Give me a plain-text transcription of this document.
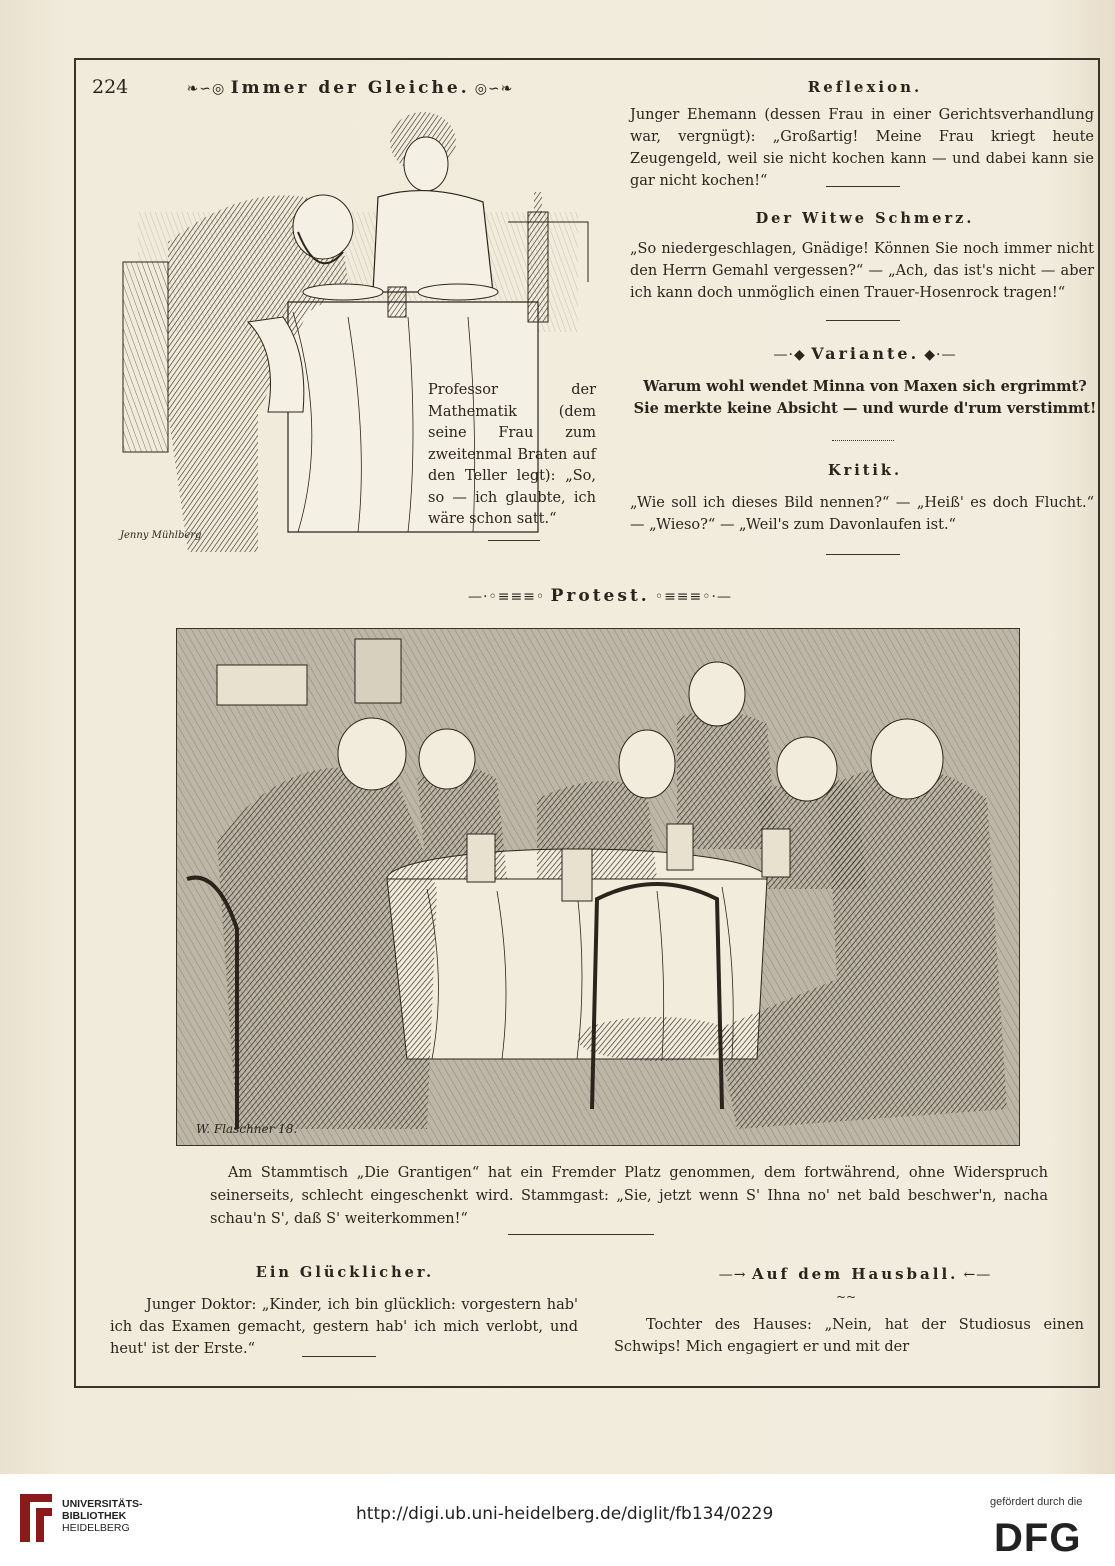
224	❧∽◎ Immer der Gleiche. ◎∽❧
Jenny Mühlberg
Professor der Mathematik (dem seine Frau zum zweitenmal Braten auf den Teller legt): „So, so — ich glaubte, ich wäre schon satt.“
Reflexion.
Junger Ehemann (dessen Frau in einer Gerichtsverhandlung war, vergnügt): „Großartig! Meine Frau kriegt heute Zeugengeld, weil sie nicht kochen kann — und dabei kann sie gar nicht kochen!“
Der Witwe Schmerz.
„So niedergeschlagen, Gnädige! Können Sie noch immer nicht den Herrn Gemahl vergessen?“ — „Ach, das ist's nicht — aber ich kann doch unmöglich einen Trauer-Hosenrock tragen!“
—·◆ Variante. ◆·—
Warum wohl wendet Minna von Maxen sich ergrimmt?
Sie merkte keine Absicht — und wurde d'rum verstimmt!
Kritik.
„Wie soll ich dieses Bild nennen?“ — „Heiß' es doch Flucht.“ — „Wieso?“ — „Weil's zum Davonlaufen ist.“
—·◦≡≡≡◦ Protest. ◦≡≡≡◦·—
W. Flaschner 18.
Am Stammtisch „Die Grantigen“ hat ein Fremder Platz genommen, dem fortwährend, ohne Widerspruch seinerseits, schlecht eingeschenkt wird. Stammgast: „Sie, jetzt wenn S' Ihna no' net bald beschwer'n, nacha schau'n S', daß S' weiterkommen!“
Ein Glücklicher.
Junger Doktor: „Kinder, ich bin glücklich: vorgestern hab' ich das Examen gemacht, gestern hab' ich mich verlobt, und heut' ist der Erste.“
—→ Auf dem Hausball. ←—
~~
Tochter des Hauses: „Nein, hat der Studiosus einen Schwips! Mich engagiert er und mit der
UNIVERSITÄTS-
BIBLIOTHEK
HEIDELBERG
http://digi.ub.uni-heidelberg.de/diglit/fb134/0229
gefördert durch die
DFG
